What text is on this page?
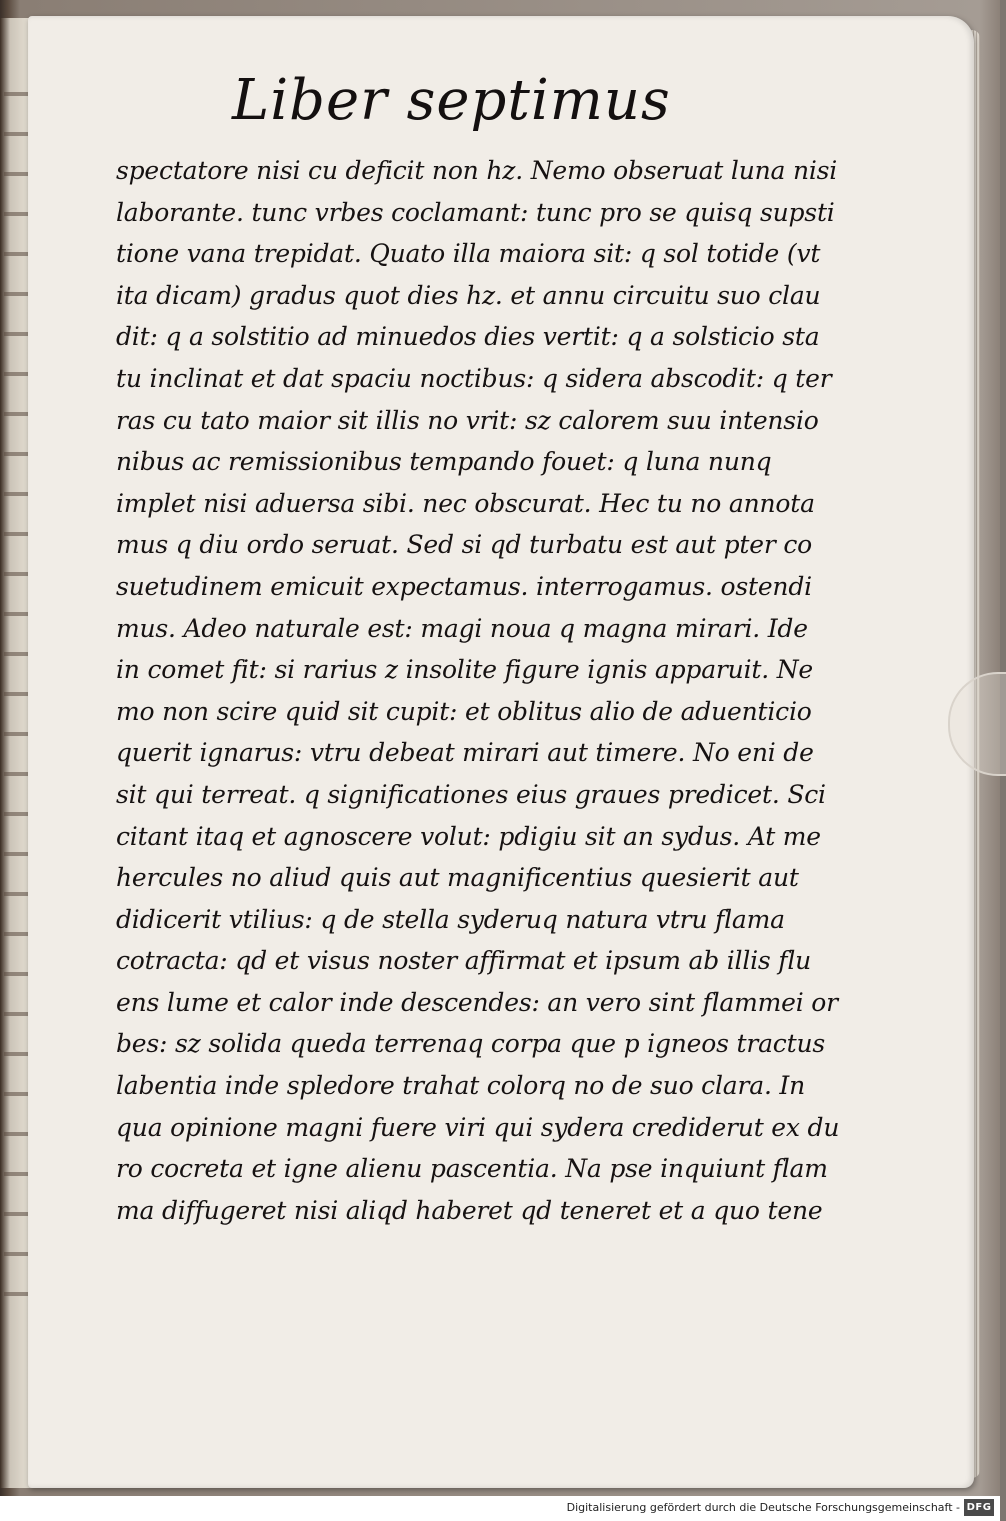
Liber septimus
spectatore nisi cu deficit non hz. Nemo obseruat luna nisi
laborante. tunc vrbes coclamant: tunc pro se quisq supsti
tione vana trepidat. Quato illa maiora sit: q sol totide (vt
ita dicam) gradus quot dies hz. et annu circuitu suo clau
dit: q a solstitio ad minuedos dies vertit: q a solsticio sta
tu inclinat et dat spaciu noctibus: q sidera abscodit: q ter
ras cu tato maior sit illis no vrit: sz calorem suu intensio
nibus ac remissionibus tempando fouet: q luna nunq
implet nisi aduersa sibi. nec obscurat. Hec tu no annota
mus q diu ordo seruat. Sed si qd turbatu est aut pter co
suetudinem emicuit expectamus. interrogamus. ostendi
mus. Adeo naturale est: magi noua q magna mirari. Ide
in comet fit: si rarius z insolite figure ignis apparuit. Ne
mo non scire quid sit cupit: et oblitus alio de aduenticio
querit ignarus: vtru debeat mirari aut timere. No eni de
sit qui terreat. q significationes eius graues predicet. Sci
citant itaq et agnoscere volut: pdigiu sit an sydus. At me
hercules no aliud quis aut magnificentius quesierit aut
didicerit vtilius: q de stella syderuq natura vtru flama
cotracta: qd et visus noster affirmat et ipsum ab illis flu
ens lume et calor inde descendes: an vero sint flammei or
bes: sz solida queda terrenaq corpa que p igneos tractus
labentia inde spledore trahat colorq no de suo clara. In
qua opinione magni fuere viri qui sydera crediderut ex du
ro cocreta et igne alienu pascentia. Na pse inquiunt flam
ma diffugeret nisi aliqd haberet qd teneret et a quo tene
Digitalisierung gefördert durch die Deutsche Forschungsgemeinschaft - DFG
